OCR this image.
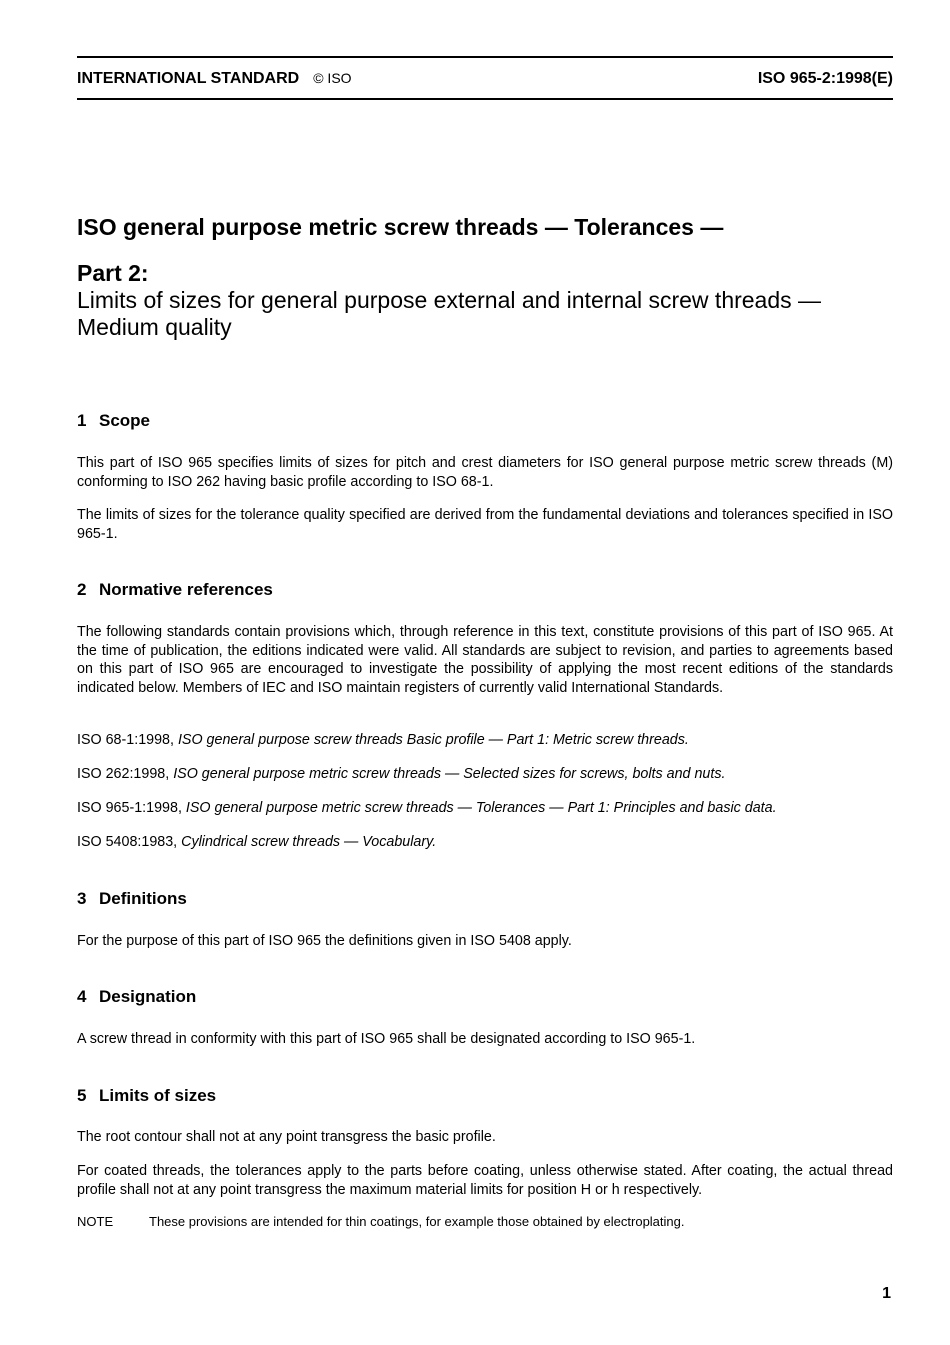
INTERNATIONAL STANDARD © ISO	ISO 965-2:1998(E)
ISO general purpose metric screw threads — Tolerances —
Part 2:

Limits of sizes for general purpose external and internal screw threads — Medium quality

1 Scope

This part of ISO 965 specifies limits of sizes for pitch and crest diameters for ISO general purpose metric screw threads (M) conforming to ISO 262 having basic profile according to ISO 68-1.

The limits of sizes for the tolerance quality specified are derived from the fundamental deviations and tolerances specified in ISO 965-1.

2 Normative references

The following standards contain provisions which, through reference in this text, constitute provisions of this part of ISO 965. At the time of publication, the editions indicated were valid. All standards are subject to revision, and parties to agreements based on this part of ISO 965 are encouraged to investigate the possibility of applying the most recent editions of the standards indicated below. Members of IEC and ISO maintain registers of currently valid International Standards.

ISO 68-1:1998, ISO general purpose screw threads Basic profile — Part 1: Metric screw threads.

ISO 262:1998, ISO general purpose metric screw threads — Selected sizes for screws, bolts and nuts.

ISO 965-1:1998, ISO general purpose metric screw threads — Tolerances — Part 1: Principles and basic data.

ISO 5408:1983, Cylindrical screw threads — Vocabulary.

3 Definitions

For the purpose of this part of ISO 965 the definitions given in ISO 5408 apply.

4 Designation

A screw thread in conformity with this part of ISO 965 shall be designated according to ISO 965-1.

5 Limits of sizes

The root contour shall not at any point transgress the basic profile.

For coated threads, the tolerances apply to the parts before coating, unless otherwise stated. After coating, the actual thread profile shall not at any point transgress the maximum material limits for position H or h respectively.

NOTE	These provisions are intended for thin coatings, for example those obtained by electroplating.
1
